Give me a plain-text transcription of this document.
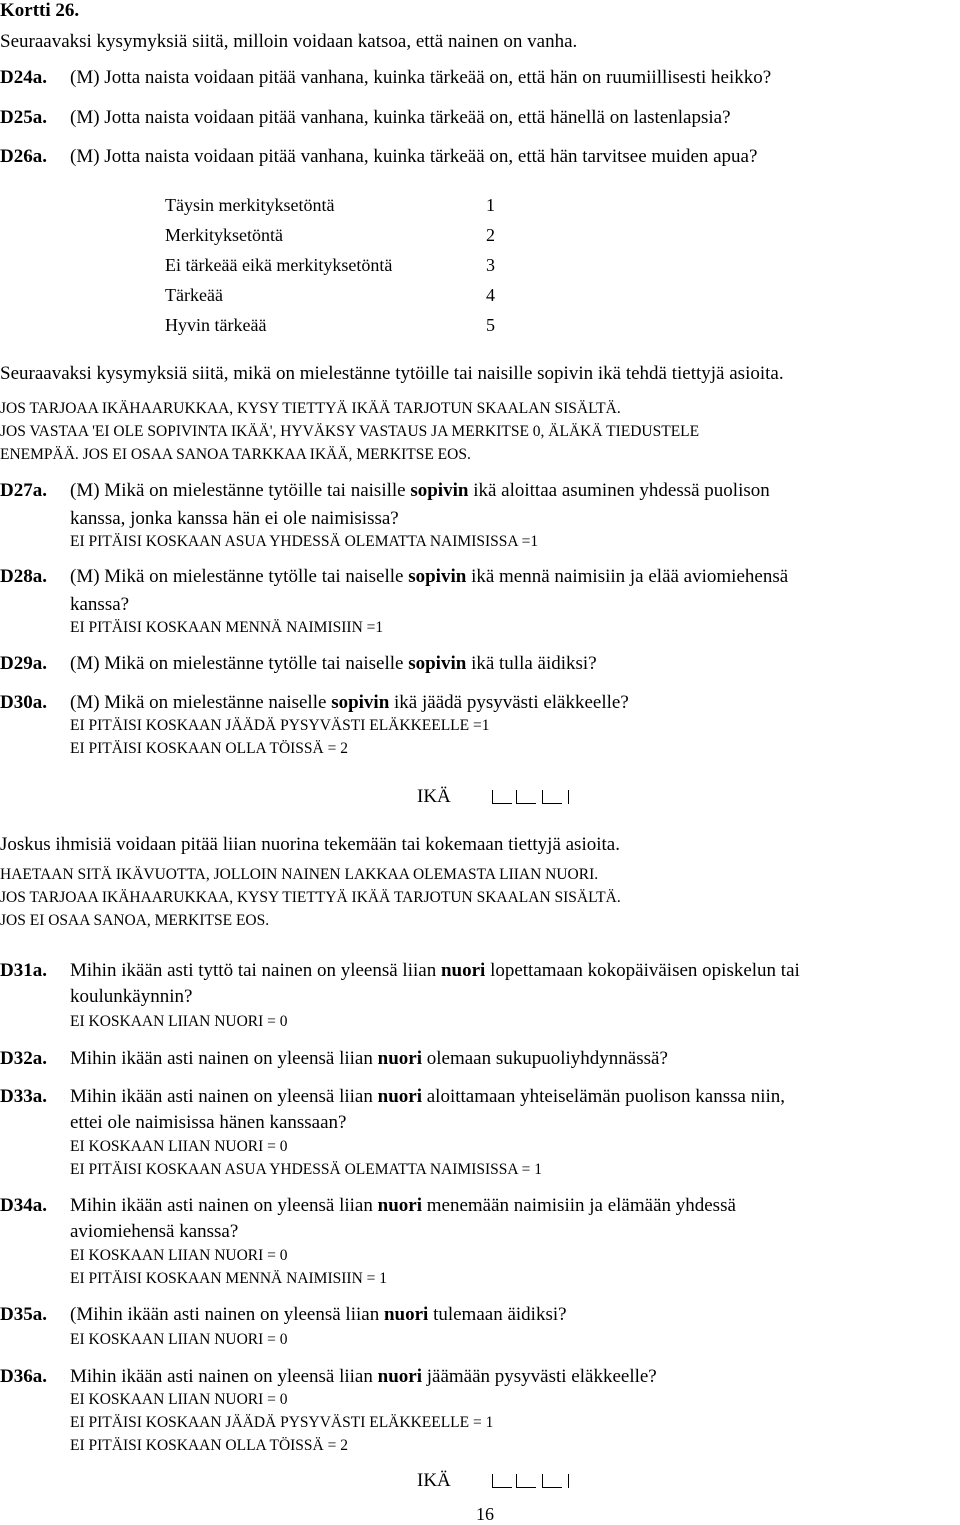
Kortti 26.
Seuraavaksi kysymyksiä siitä, milloin voidaan katsoa, että nainen on vanha.
D24a. (M) Jotta naista voidaan pitää vanhana, kuinka tärkeää on, että hän on ruumiillisesti heikko?
D25a. (M) Jotta naista voidaan pitää vanhana, kuinka tärkeää on, että hänellä on lastenlapsia?
D26a. (M) Jotta naista voidaan pitää vanhana, kuinka tärkeää on, että hän tarvitsee muiden apua?
Täysin merkityksetöntä	1
Merkityksetöntä	2
Ei tärkeää eikä merkityksetöntä	3
Tärkeää	4
Hyvin tärkeää	5
Seuraavaksi kysymyksiä siitä, mikä on mielestänne tytöille tai naisille sopivin ikä tehdä tiettyjä asioita.
JOS TARJOAA IKÄHAARUKKAA, KYSY TIETTYÄ IKÄÄ TARJOTUN SKAALAN SISÄLTÄ.
JOS VASTAA 'EI OLE SOPIVINTA IKÄÄ', HYVÄKSY VASTAUS JA MERKITSE 0, ÄLÄKÄ TIEDUSTELE
ENEMPÄÄ. JOS EI OSAA SANOA TARKKAA IKÄÄ, MERKITSE EOS.
D27a. (M) Mikä on mielestänne tytöille tai naisille sopivin ikä aloittaa asuminen yhdessä puolison
kanssa, jonka kanssa hän ei ole naimisissa?
EI PITÄISI KOSKAAN ASUA YHDESSÄ OLEMATTA NAIMISISSA =1
D28a. (M) Mikä on mielestänne tytölle tai naiselle sopivin ikä mennä naimisiin ja elää aviomiehensä
kanssa?
EI PITÄISI KOSKAAN MENNÄ NAIMISIIN =1
D29a. (M) Mikä on mielestänne tytölle tai naiselle sopivin ikä tulla äidiksi?
D30a. (M) Mikä on mielestänne naiselle sopivin ikä jäädä pysyvästi eläkkeelle?
EI PITÄISI KOSKAAN JÄÄDÄ PYSYVÄSTI ELÄKKEELLE =1
EI PITÄISI KOSKAAN OLLA TÖISSÄ = 2
IKÄ
Joskus ihmisiä voidaan pitää liian nuorina tekemään tai kokemaan tiettyjä asioita.
HAETAAN SITÄ IKÄVUOTTA, JOLLOIN NAINEN LAKKAA OLEMASTA LIIAN NUORI.
JOS TARJOAA IKÄHAARUKKAA, KYSY TIETTYÄ IKÄÄ TARJOTUN SKAALAN SISÄLTÄ.
JOS EI OSAA SANOA, MERKITSE EOS.
D31a. Mihin ikään asti tyttö tai nainen on yleensä liian nuori lopettamaan kokopäiväisen opiskelun tai
koulunkäynnin?
EI KOSKAAN LIIAN NUORI = 0
D32a. Mihin ikään asti nainen on yleensä liian nuori olemaan sukupuoliyhdynnässä?
D33a. Mihin ikään asti nainen on yleensä liian nuori aloittamaan yhteiselämän puolison kanssa niin,
ettei ole naimisissa hänen kanssaan?
EI KOSKAAN LIIAN NUORI = 0
EI PITÄISI KOSKAAN ASUA YHDESSÄ OLEMATTA NAIMISISSA = 1
D34a. Mihin ikään asti nainen on yleensä liian nuori menemään naimisiin ja elämään yhdessä
aviomiehensä kanssa?
EI KOSKAAN LIIAN NUORI = 0
EI PITÄISI KOSKAAN MENNÄ NAIMISIIN = 1
D35a. (Mihin ikään asti nainen on yleensä liian nuori tulemaan äidiksi?
EI KOSKAAN LIIAN NUORI = 0
D36a. Mihin ikään asti nainen on yleensä liian nuori jäämään pysyvästi eläkkeelle?
EI KOSKAAN LIIAN NUORI = 0
EI PITÄISI KOSKAAN JÄÄDÄ PYSYVÄSTI ELÄKKEELLE = 1
EI PITÄISI KOSKAAN OLLA TÖISSÄ = 2
IKÄ
16
